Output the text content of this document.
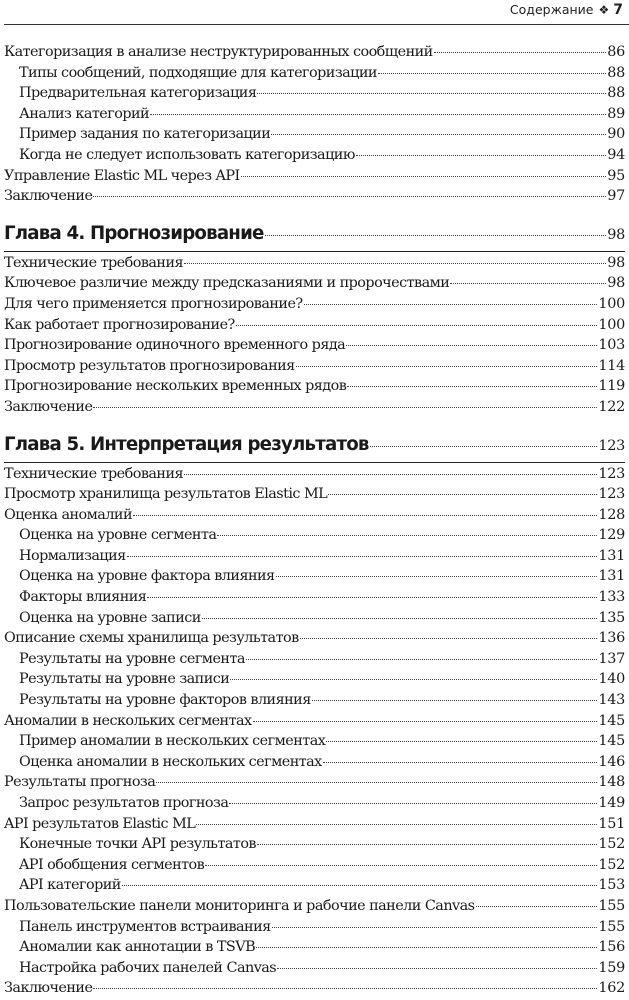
Содержание ❖ 7
Категоризация в анализе неструктурированных сообщений	86
Типы сообщений, подходящие для категоризации	88
Предварительная категоризация	88
Анализ категорий	89
Пример задания по категоризации	90
Когда не следует использовать категоризацию	94
Управление Elastic ML через API	95
Заключение	97
Глава 4. Прогнозирование	98
Технические требования	98
Ключевое различие между предсказаниями и пророчествами	98
Для чего применяется прогнозирование?	100
Как работает прогнозирование?	100
Прогнозирование одиночного временного ряда	103
Просмотр результатов прогнозирования	114
Прогнозирование нескольких временных рядов	119
Заключение	122
Глава 5. Интерпретация результатов	123
Технические требования	123
Просмотр хранилища результатов Elastic ML	123
Оценка аномалий	128
Оценка на уровне сегмента	129
Нормализация	131
Оценка на уровне фактора влияния	131
Факторы влияния	133
Оценка на уровне записи	135
Описание схемы хранилища результатов	136
Результаты на уровне сегмента	137
Результаты на уровне записи	140
Результаты на уровне факторов влияния	143
Аномалии в нескольких сегментах	145
Пример аномалии в нескольких сегментах	145
Оценка аномалии в нескольких сегментах	146
Результаты прогноза	148
Запрос результатов прогноза	149
API результатов Elastic ML	151
Конечные точки API результатов	152
API обобщения сегментов	152
API категорий	153
Пользовательские панели мониторинга и рабочие панели Canvas	155
Панель инструментов встраивания	155
Аномалии как аннотации в TSVB	156
Настройка рабочих панелей Canvas	159
Заключение	162
